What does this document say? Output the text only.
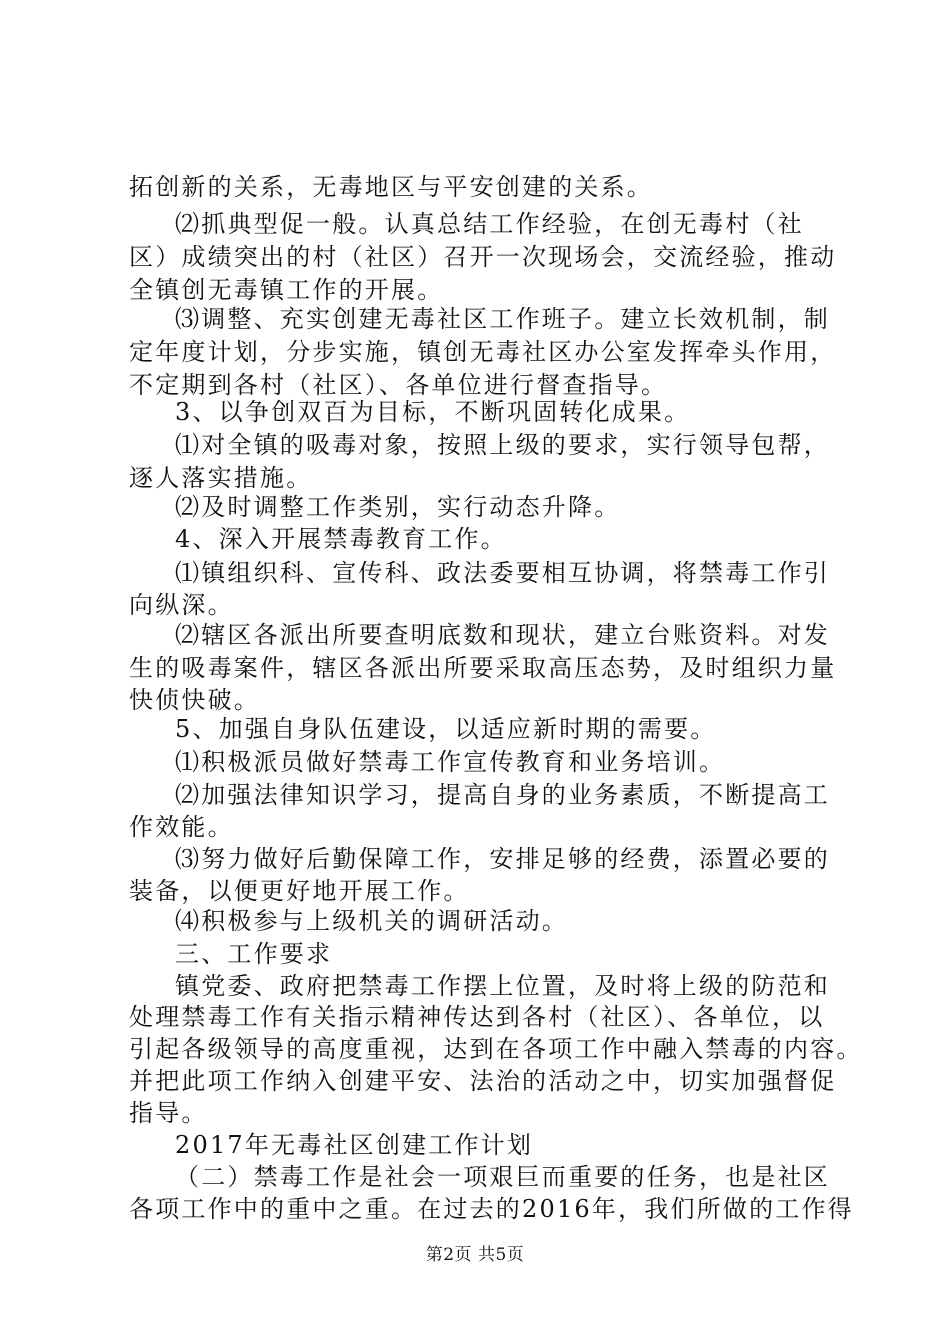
拓创新的关系，无毒地区与平安创建的关系。
⑵抓典型促一般。认真总结工作经验，在创无毒村（社
区）成绩突出的村（社区）召开一次现场会，交流经验，推动
全镇创无毒镇工作的开展。
⑶调整、充实创建无毒社区工作班子。建立长效机制，制
定年度计划，分步实施，镇创无毒社区办公室发挥牵头作用，
不定期到各村（社区）、各单位进行督查指导。
3、以争创双百为目标，不断巩固转化成果。
⑴对全镇的吸毒对象，按照上级的要求，实行领导包帮，
逐人落实措施。
⑵及时调整工作类别，实行动态升降。
4、深入开展禁毒教育工作。
⑴镇组织科、宣传科、政法委要相互协调，将禁毒工作引
向纵深。
⑵辖区各派出所要查明底数和现状，建立台账资料。对发
生的吸毒案件，辖区各派出所要采取高压态势，及时组织力量
快侦快破。
5、加强自身队伍建设，以适应新时期的需要。
⑴积极派员做好禁毒工作宣传教育和业务培训。
⑵加强法律知识学习，提高自身的业务素质，不断提高工
作效能。
⑶努力做好后勤保障工作，安排足够的经费，添置必要的
装备，以便更好地开展工作。
⑷积极参与上级机关的调研活动。
三、工作要求
镇党委、政府把禁毒工作摆上位置，及时将上级的防范和
处理禁毒工作有关指示精神传达到各村（社区）、各单位，以
引起各级领导的高度重视，达到在各项工作中融入禁毒的内容。
并把此项工作纳入创建平安、法治的活动之中，切实加强督促
指导。
2017年无毒社区创建工作计划
（二）禁毒工作是社会一项艰巨而重要的任务，也是社区
各项工作中的重中之重。在过去的2016年，我们所做的工作得
第2页 共5页
